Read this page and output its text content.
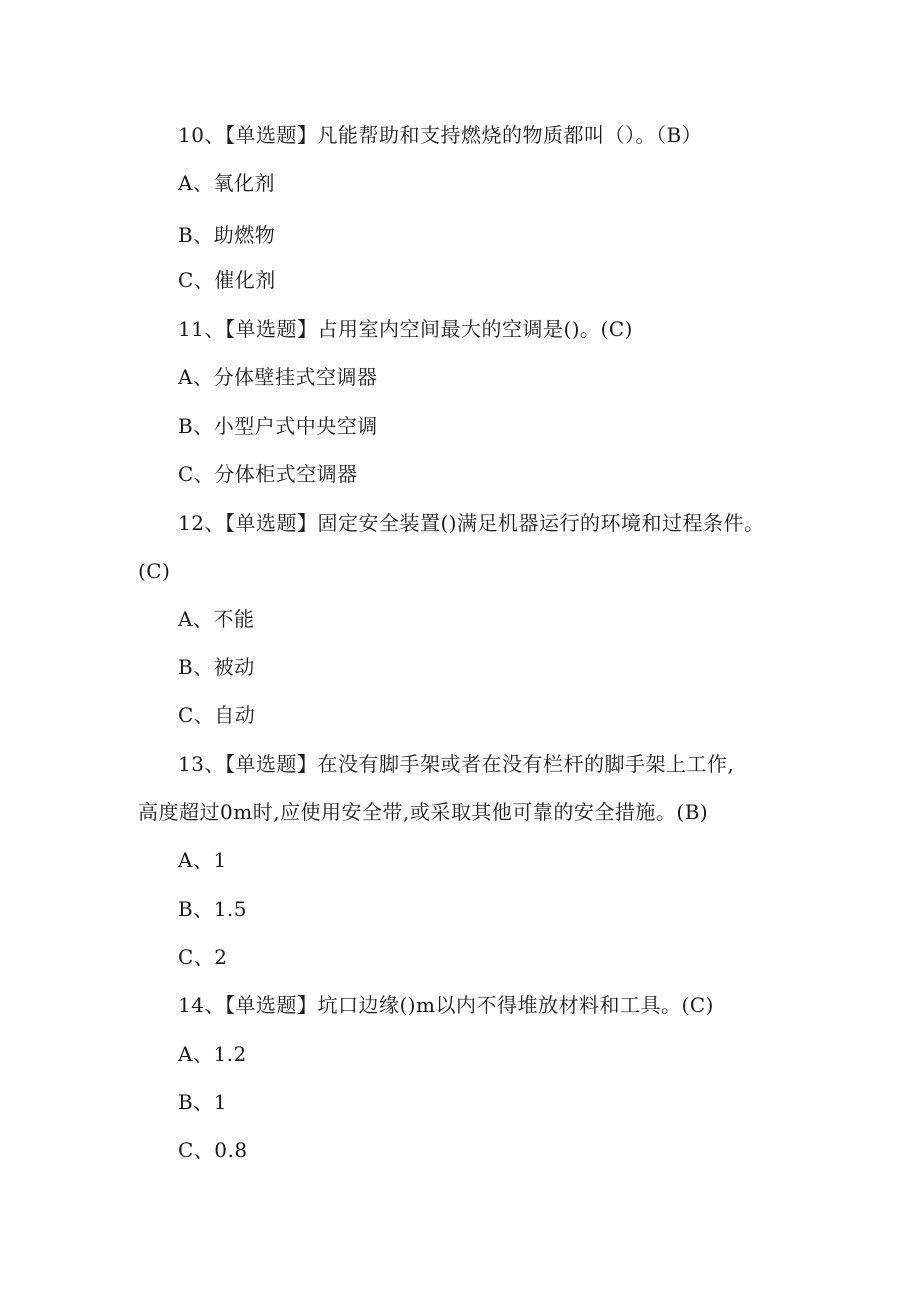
10、【单选题】凡能帮助和支持燃烧的物质都叫（）。（B）
A、氧化剂
B、助燃物
C、催化剂
11、【单选题】占用室内空间最大的空调是()。(C)
A、分体壁挂式空调器
B、小型户式中央空调
C、分体柜式空调器
12、【单选题】固定安全装置()满足机器运行的环境和过程条件。
(C)
A、不能
B、被动
C、自动
13、【单选题】在没有脚手架或者在没有栏杆的脚手架上工作,
高度超过0m时,应使用安全带,或采取其他可靠的安全措施。(B)
A、1
B、1.5
C、2
14、【单选题】坑口边缘()m以内不得堆放材料和工具。(C)
A、1.2
B、1
C、0.8
